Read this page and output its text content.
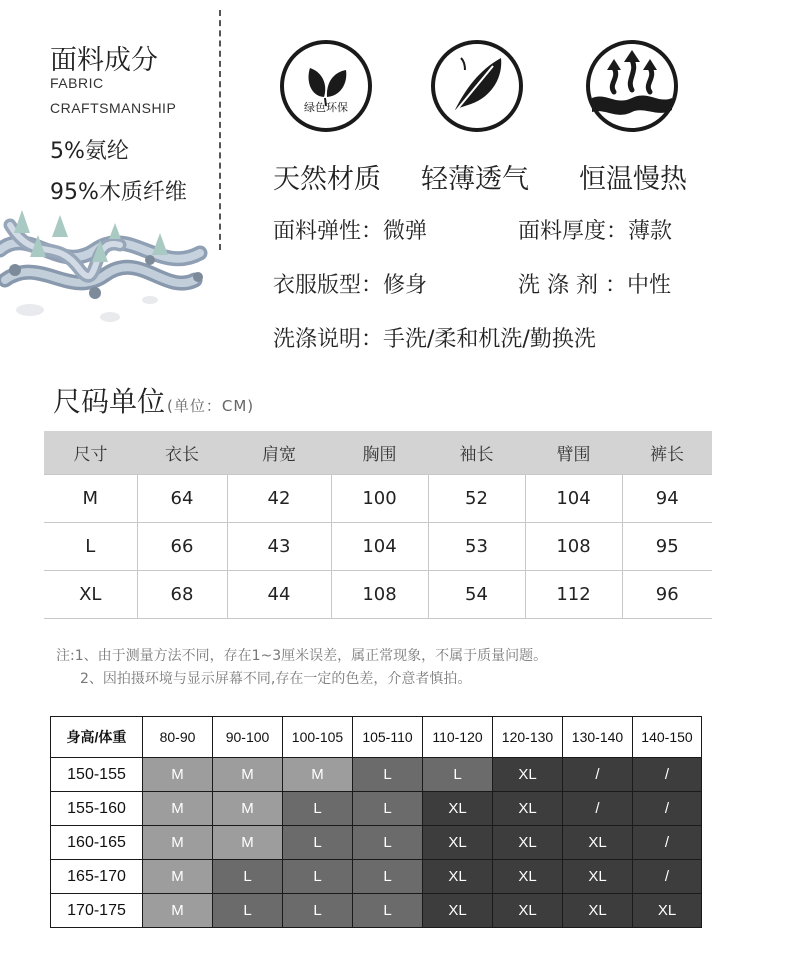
面料成分
FABRIC
CRAFTSMANSHIP
5%氨纶
95%木质纤维
绿色环保
天然材质 轻薄透气 恒温慢热
面料弹性：微弹	面料厚度：薄款
衣服版型：修身	洗 涤 剂 ：中性
洗涤说明：手洗/柔和机洗/勤换洗
尺码单位 (单位：CM)
尺寸	衣长	肩宽	胸围	袖长	臂围	裤长
M	64	42	100	52	104	94
L	66	43	104	53	108	95
XL	68	44	108	54	112	96
注:1、由于测量方法不同，存在1~3厘米误差，属正常现象，不属于质量问题。
2、因拍摄环境与显示屏幕不同,存在一定的色差，介意者慎拍。
身高/体重	80-90	90-100	100-105	105-110	110-120	120-130	130-140	140-150
150-155	M	M	M	L	L	XL	/	/
155-160	M	M	L	L	XL	XL	/	/
160-165	M	M	L	L	XL	XL	XL	/
165-170	M	L	L	L	XL	XL	XL	/
170-175	M	L	L	L	XL	XL	XL	XL
